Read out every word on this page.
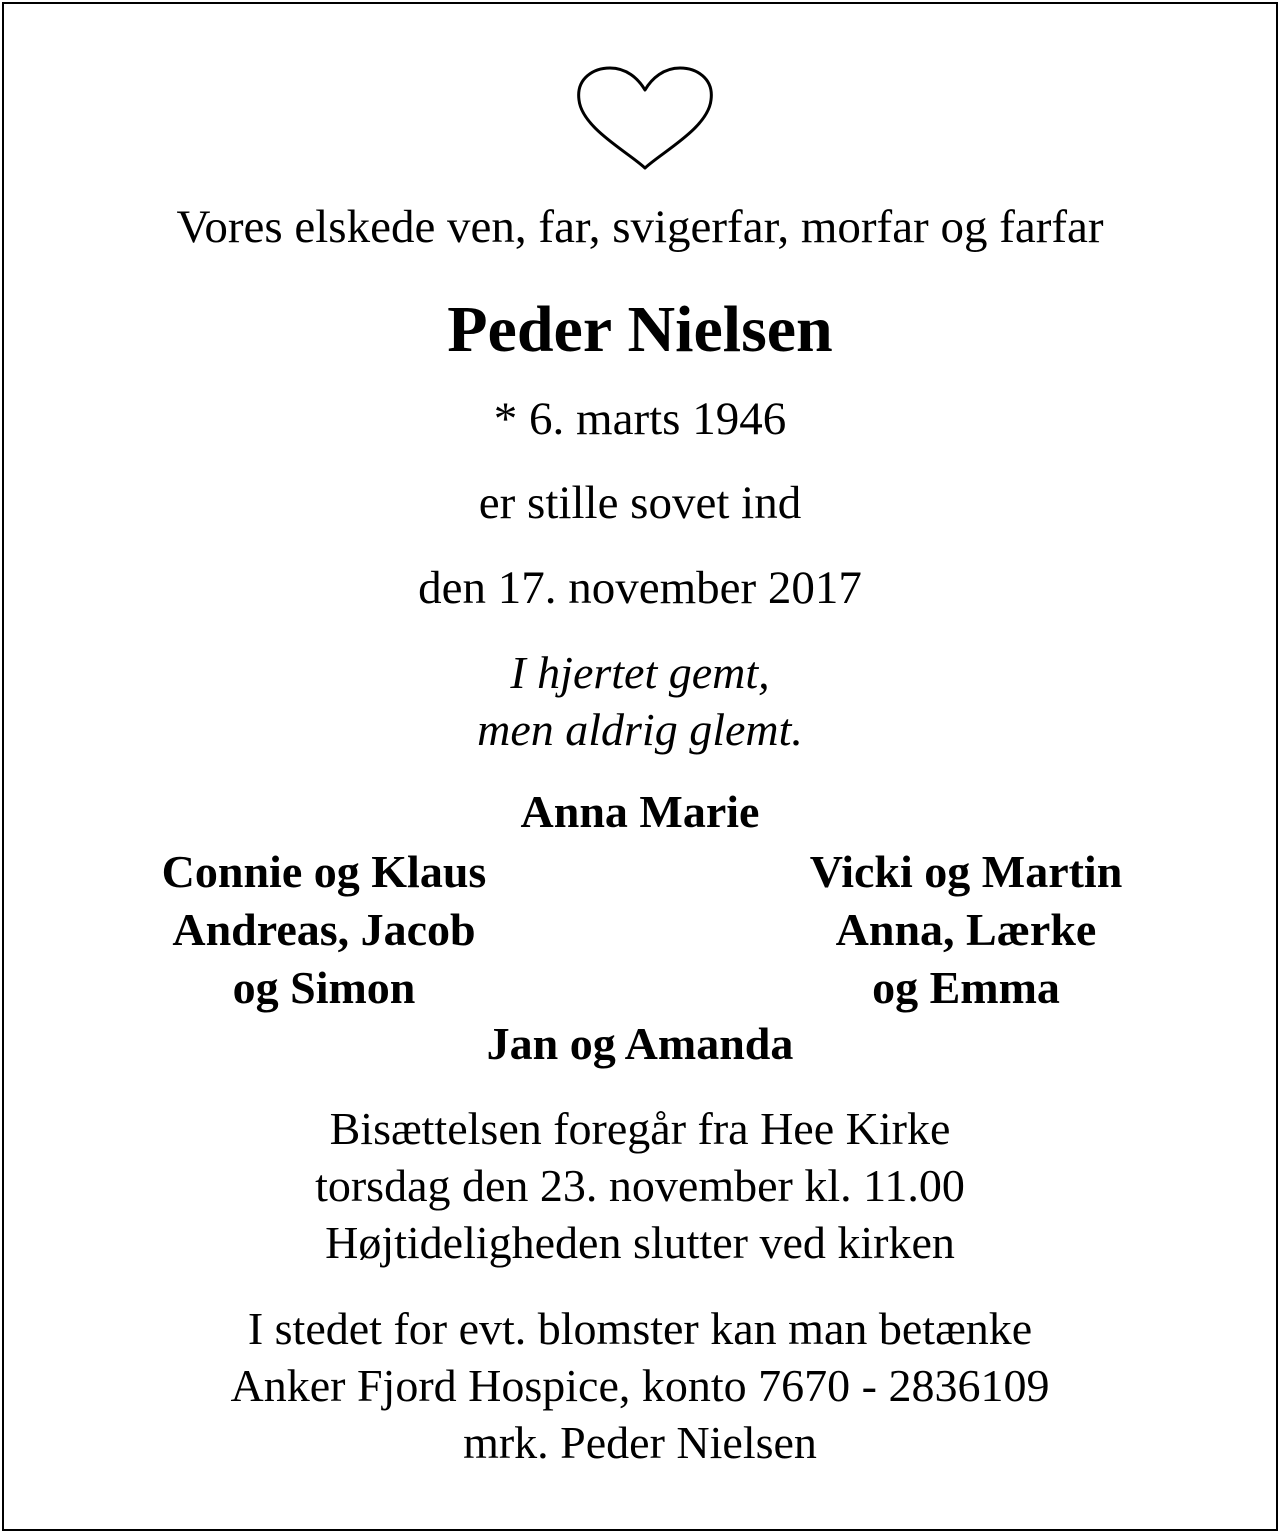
Vores elskede ven, far, svigerfar, morfar og farfar
Peder Nielsen
* 6. marts 1946
er stille sovet ind
den 17. november 2017
I hjertet gemt,
men aldrig glemt.
Anna Marie
Connie og Klaus
Andreas, Jacob
og Simon
Vicki og Martin
Anna, Lærke
og Emma
Jan og Amanda
Bisættelsen foregår fra Hee Kirke
torsdag den 23. november kl. 11.00
Højtideligheden slutter ved kirken
I stedet for evt. blomster kan man betænke
Anker Fjord Hospice, konto 7670 - 2836109
mrk. Peder Nielsen
